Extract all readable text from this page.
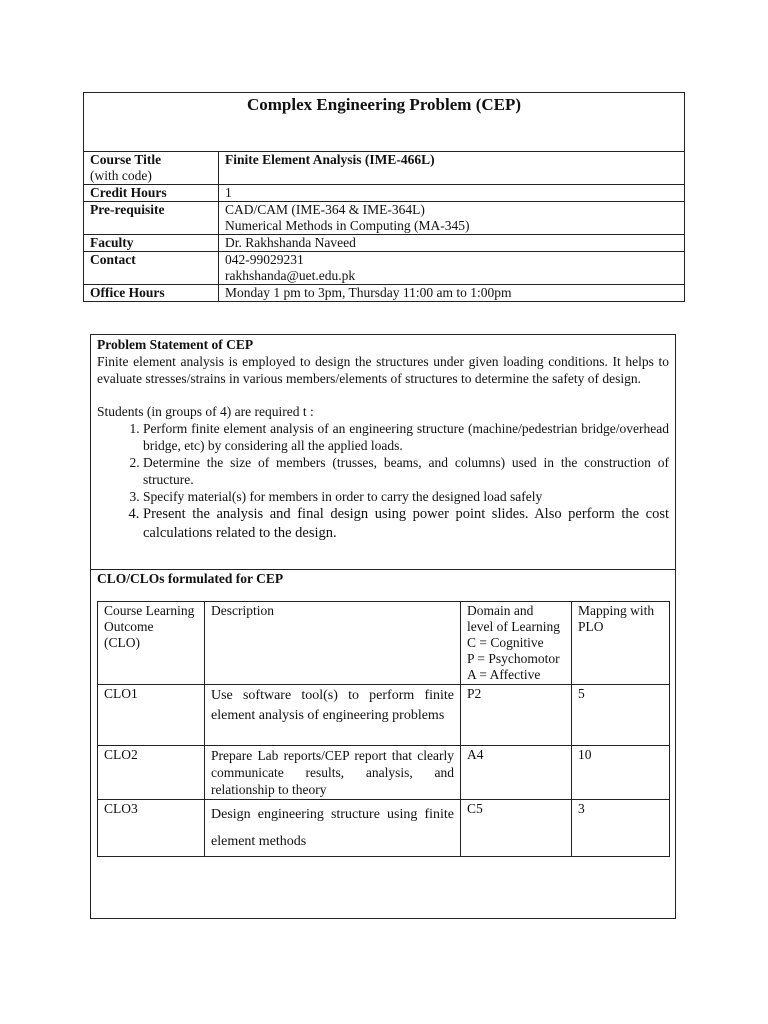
Complex Engineering Problem (CEP)	

Course Title
(with code)	Finite Element Analysis (IME-466L)
Credit Hours	1
Pre-requisite	CAD/CAM (IME-364 & IME-364L)
Numerical Methods in Computing (MA-345)

Faculty	Dr. Rakhshanda Naveed
Contact	042-99029231
rakhshanda@uet.edu.pk

Office Hours	Monday 1 pm to 3pm, Thursday 11:00 am to 1:00pm
Problem Statement of CEP

Finite element analysis is employed to design the structures under given loading conditions. It helps to evaluate stresses/strains in various members/elements of structures to determine the safety of design.

Students (in groups of 4) are required t :

1. Perform finite element analysis of an engineering structure (machine/pedestrian bridge/overhead bridge, etc) by considering all the applied loads.
2. Determine the size of members (trusses, beams, and columns) used in the construction of structure.
3. Specify material(s) for members in order to carry the designed load safely
4. Present the analysis and final design using power point slides. Also perform the cost calculations related to the design.
CLO/CLOs formulated for CEP
Course Learning
Outcome
(CLO)	Description	Domain and
level of Learning
C = Cognitive
P = Psychomotor
A = Affective	Mapping with
PLO

CLO1	Use software tool(s) to perform finite element analysis of engineering problems	P2	5
CLO2	Prepare Lab reports/CEP report that clearly communicate results, analysis, and relationship to theory	A4	10
CLO3	Design engineering structure using finite element methods	C5	3
